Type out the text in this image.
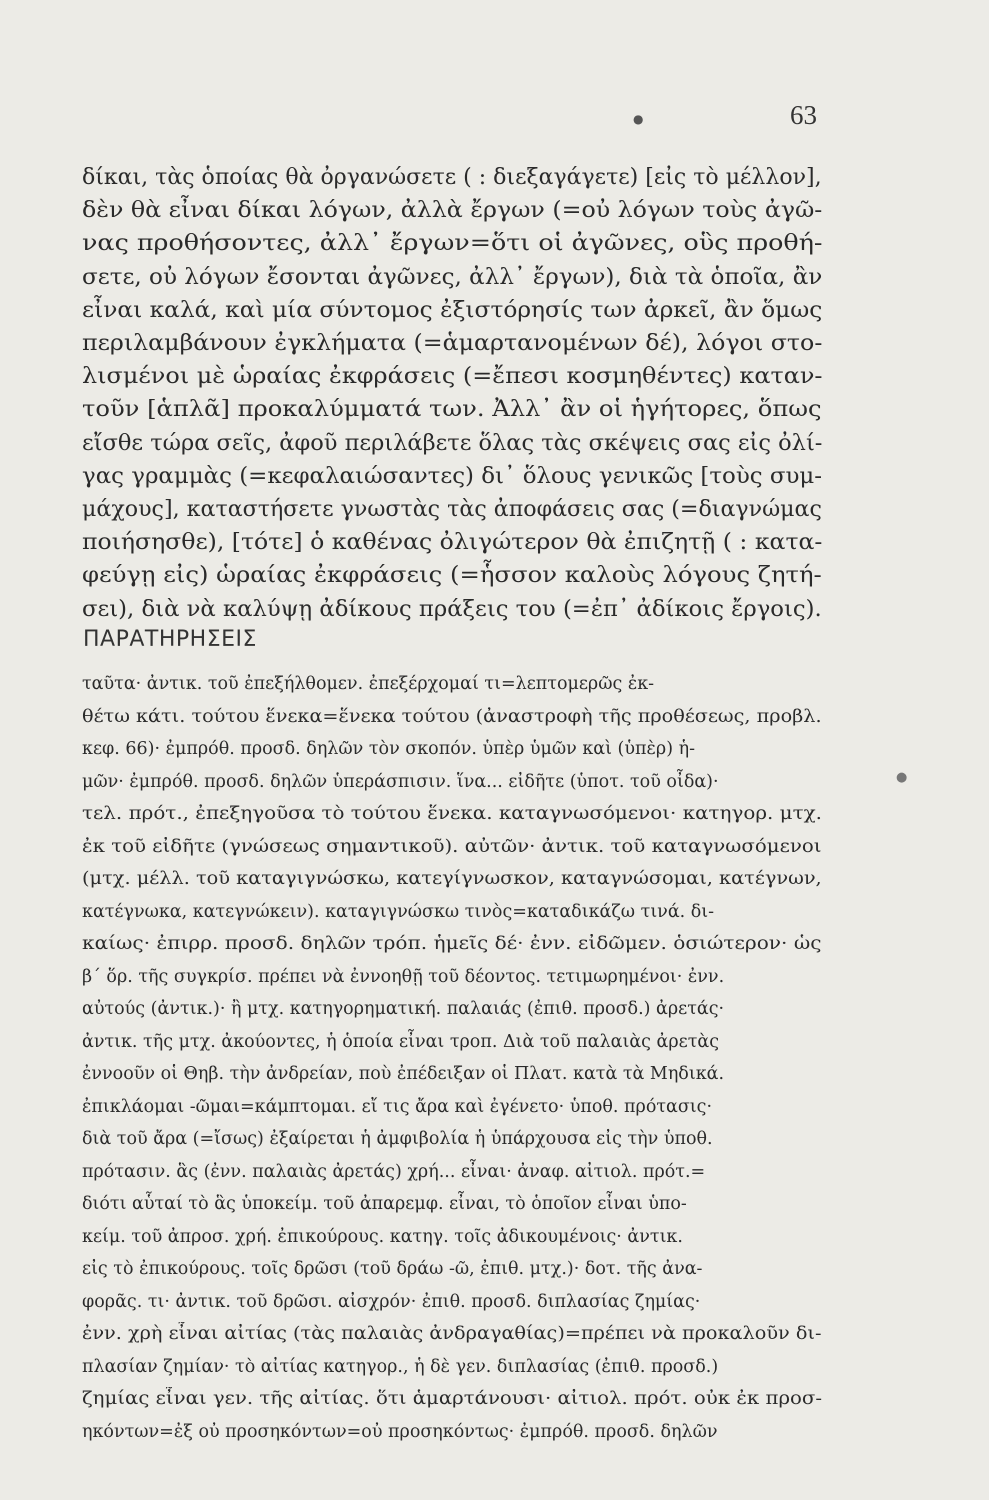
●	63
δίκαι, τὰς ὁποίας θὰ ὀργανώσετε ( : διεξαγάγετε) [εἰς τὸ μέλλον],
δὲν θὰ εἶναι δίκαι λόγων, ἀλλὰ ἔργων (=οὐ λόγων τοὺς ἀγῶ-
νας προθήσοντες, ἀλλ᾽ ἔργων=ὅτι οἱ ἀγῶνες, οὓς προθή-
σετε, οὐ λόγων ἔσονται ἀγῶνες, ἀλλ᾽ ἔργων), διὰ τὰ ὁποῖα, ἂν
εἶναι καλά, καὶ μία σύντομος ἐξιστόρησίς των ἀρκεῖ, ἂν ὅμως
περιλαμβάνουν ἐγκλήματα (=ἁμαρτανομένων δέ), λόγοι στο-
λισμένοι μὲ ὡραίας ἐκφράσεις (=ἔπεσι κοσμηθέντες) καταν-
τοῦν [ἁπλᾶ] προκαλύμματά των. Ἀλλ᾽ ἂν οἱ ἡγήτορες, ὅπως
εἴσθε τώρα σεῖς, ἀφοῦ περιλάβετε ὅλας τὰς σκέψεις σας εἰς ὀλί-
γας γραμμὰς (=κεφαλαιώσαντες) δι᾽ ὅλους γενικῶς [τοὺς συμ-
μάχους], καταστήσετε γνωστὰς τὰς ἀποφάσεις σας (=διαγνώμας
ποιήσησθε), [τότε] ὁ καθένας ὀλιγώτερον θὰ ἐπιζητῇ ( : κατα-
φεύγῃ εἰς) ὡραίας ἐκφράσεις (=ἧσσον καλοὺς λόγους ζητή-
σει), διὰ νὰ καλύψῃ ἀδίκους πράξεις του (=ἐπ᾽ ἀδίκοις ἔργοις).
ΠΑΡΑΤΗΡΗΣΕΙΣ
ταῦτα· ἀντικ. τοῦ ἐπεξήλθομεν. ἐπεξέρχομαί τι=λεπτομερῶς ἐκ-
θέτω κάτι. τούτου ἕνεκα=ἕνεκα τούτου (ἀναστροφὴ τῆς προθέσεως, προβλ.
κεφ. 66)· ἐμπρόθ. προσδ. δηλῶν τὸν σκοπόν. ὑπὲρ ὑμῶν καὶ (ὑπὲρ) ἡ-
μῶν· ἐμπρόθ. προσδ. δηλῶν ὑπεράσπισιν. ἵνα... εἰδῆτε (ὑποτ. τοῦ οἶδα)·
τελ. πρότ., ἐπεξηγοῦσα τὸ τούτου ἕνεκα. καταγνωσόμενοι· κατηγορ. μτχ.
ἐκ τοῦ εἰδῆτε (γνώσεως σημαντικοῦ). αὐτῶν· ἀντικ. τοῦ καταγνωσόμενοι
(μτχ. μέλλ. τοῦ καταγιγνώσκω, κατεγίγνωσκον, καταγνώσομαι, κατέγνων,
κατέγνωκα, κατεγνώκειν). καταγιγνώσκω τινὸς=καταδικάζω τινά. δι-
καίως· ἐπιρρ. προσδ. δηλῶν τρόπ. ἡμεῖς δέ· ἐνν. εἰδῶμεν. ὁσιώτερον· ὡς
β΄ ὅρ. τῆς συγκρίσ. πρέπει νὰ ἐννοηθῇ τοῦ δέοντος. τετιμωρημένοι· ἐνν.
αὐτούς (ἀντικ.)· ἢ μτχ. κατηγορηματική. παλαιάς (ἐπιθ. προσδ.) ἀρετάς·
ἀντικ. τῆς μτχ. ἀκούοντες, ἡ ὁποία εἶναι τροπ. Διὰ τοῦ παλαιὰς ἀρετὰς
ἐννοοῦν οἱ Θηβ. τὴν ἀνδρείαν, ποὺ ἐπέδειξαν οἱ Πλατ. κατὰ τὰ Μηδικά.
ἐπικλάομαι -ῶμαι=κάμπτομαι. εἴ τις ἄρα καὶ ἐγένετο· ὑποθ. πρότασις·
διὰ τοῦ ἄρα (=ἴσως) ἐξαίρεται ἡ ἀμφιβολία ἡ ὑπάρχουσα εἰς τὴν ὑποθ.
πρότασιν. ἃς (ἐνν. παλαιὰς ἀρετάς) χρή... εἶναι· ἀναφ. αἰτιολ. πρότ.=
διότι αὗταί τὸ ἃς ὑποκείμ. τοῦ ἀπαρεμφ. εἶναι, τὸ ὁποῖον εἶναι ὑπο-
κείμ. τοῦ ἀπροσ. χρή. ἐπικούρους. κατηγ. τοῖς ἀδικουμένοις· ἀντικ.
εἰς τὸ ἐπικούρους. τοῖς δρῶσι (τοῦ δράω -ῶ, ἐπιθ. μτχ.)· δοτ. τῆς ἀνα-
φορᾶς. τι· ἀντικ. τοῦ δρῶσι. αἰσχρόν· ἐπιθ. προσδ. διπλασίας ζημίας·
ἐνν. χρὴ εἶναι αἰτίας (τὰς παλαιὰς ἀνδραγαθίας)=πρέπει νὰ προκαλοῦν δι-
πλασίαν ζημίαν· τὸ αἰτίας κατηγορ., ἡ δὲ γεν. διπλασίας (ἐπιθ. προσδ.)
ζημίας εἶναι γεν. τῆς αἰτίας. ὅτι ἁμαρτάνουσι· αἰτιολ. πρότ. οὐκ ἐκ προσ-
ηκόντων=ἐξ οὐ προσηκόντων=οὐ προσηκόντως· ἐμπρόθ. προσδ. δηλῶν
●
